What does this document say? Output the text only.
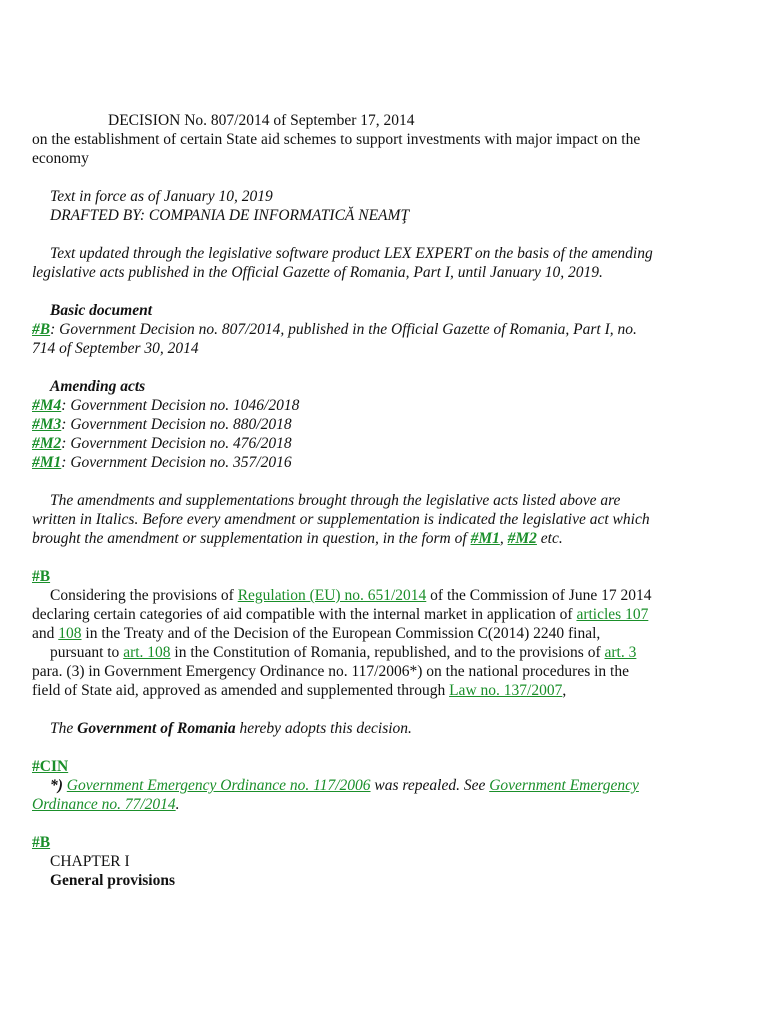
DECISION No. 807/2014 of September 17, 2014
on the establishment of certain State aid schemes to support investments with major impact on the
economy
Text in force as of January 10, 2019
DRAFTED BY: COMPANIA DE INFORMATICĂ NEAMŢ
Text updated through the legislative software product LEX EXPERT on the basis of the amending
legislative acts published in the Official Gazette of Romania, Part I, until January 10, 2019.
Basic document
#B: Government Decision no. 807/2014, published in the Official Gazette of Romania, Part I, no.
714 of September 30, 2014
Amending acts
#M4: Government Decision no. 1046/2018
#M3: Government Decision no. 880/2018
#M2: Government Decision no. 476/2018
#M1: Government Decision no. 357/2016
The amendments and supplementations brought through the legislative acts listed above are
written in Italics. Before every amendment or supplementation is indicated the legislative act which
brought the amendment or supplementation in question, in the form of #M1, #M2 etc.
#B
Considering the provisions of Regulation (EU) no. 651/2014 of the Commission of June 17 2014
declaring certain categories of aid compatible with the internal market in application of articles 107
and 108 in the Treaty and of the Decision of the European Commission C(2014) 2240 final,
pursuant to art. 108 in the Constitution of Romania, republished, and to the provisions of art. 3
para. (3) in Government Emergency Ordinance no. 117/2006*) on the national procedures in the
field of State aid, approved as amended and supplemented through Law no. 137/2007,
The Government of Romania hereby adopts this decision.
#CIN
*) Government Emergency Ordinance no. 117/2006 was repealed. See Government Emergency
Ordinance no. 77/2014.
#B
CHAPTER I
General provisions
